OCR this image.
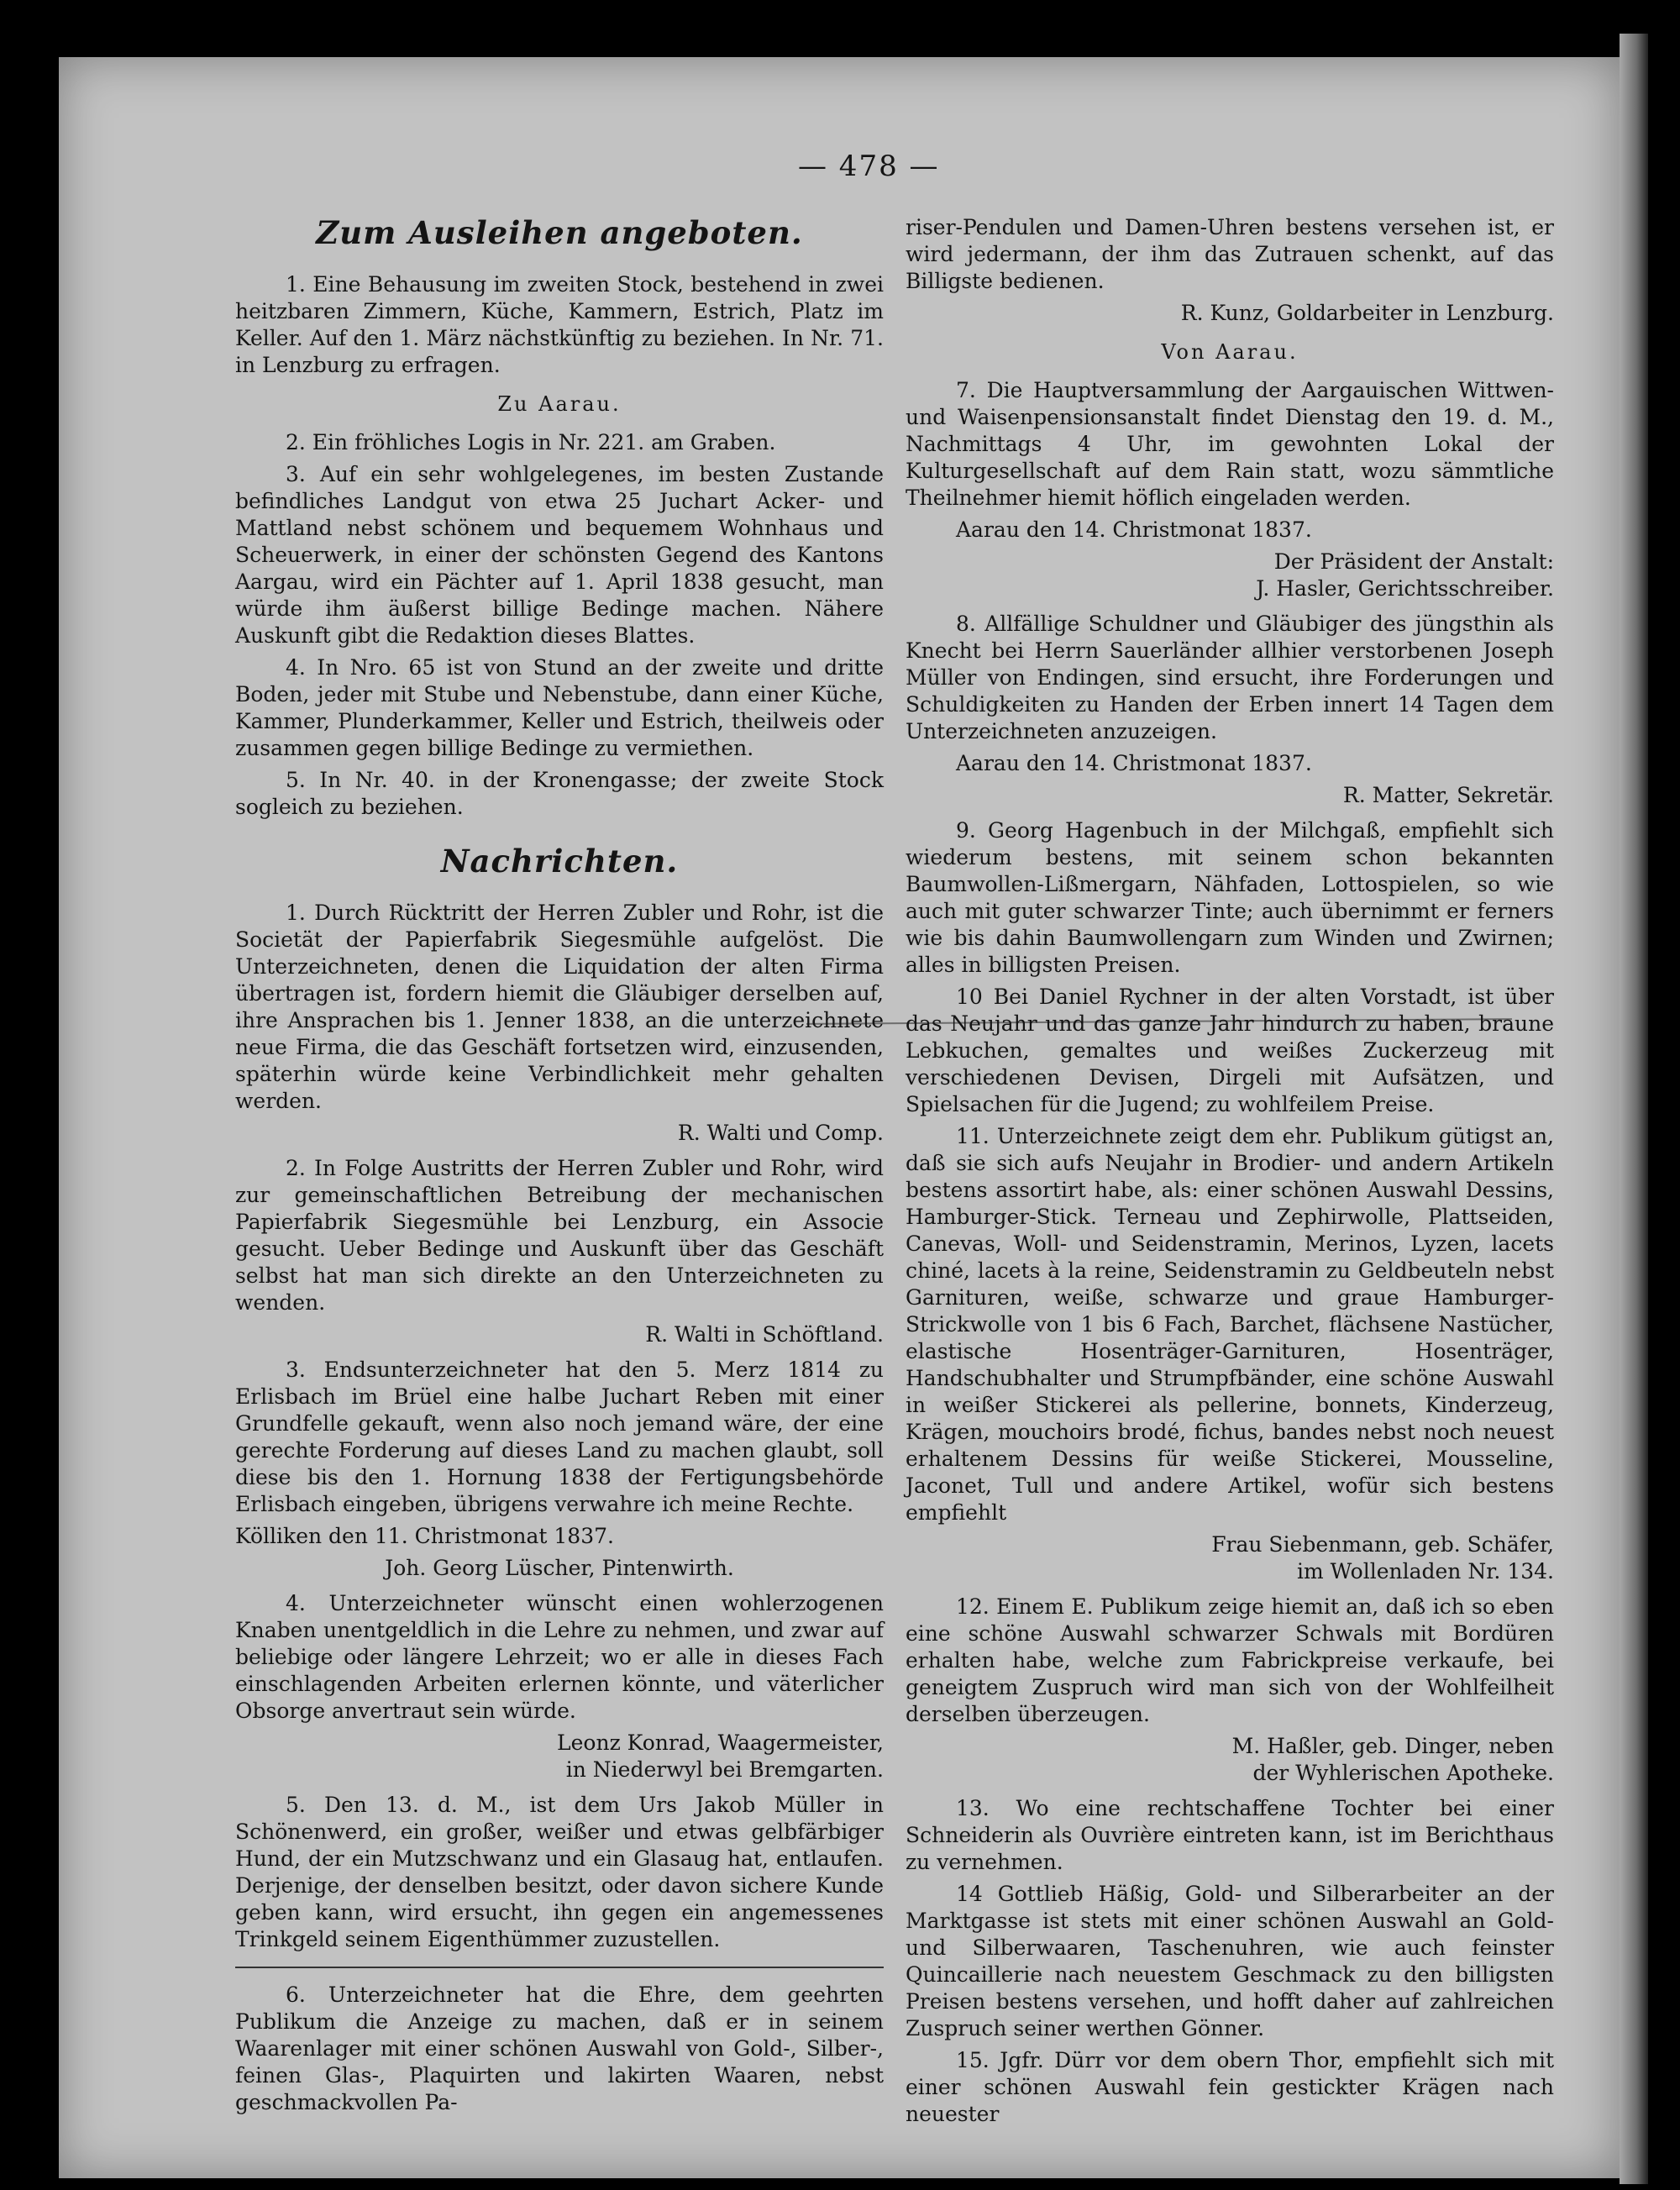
— 478 —
Zum Ausleihen angeboten.

1. Eine Behausung im zweiten Stock, bestehend in zwei heitzbaren Zimmern, Küche, Kammern, Estrich, Platz im Keller. Auf den 1. März nächstkünftig zu beziehen. In Nr. 71. in Lenzburg zu erfragen.

Zu Aarau.

2. Ein fröhliches Logis in Nr. 221. am Graben.

3. Auf ein sehr wohlgelegenes, im besten Zustande befindliches Landgut von etwa 25 Juchart Acker- und Mattland nebst schönem und bequemem Wohnhaus und Scheuerwerk, in einer der schönsten Gegend des Kantons Aargau, wird ein Pächter auf 1. April 1838 gesucht, man würde ihm äußerst billige Bedinge machen. Nähere Auskunft gibt die Redaktion dieses Blattes.

4. In Nro. 65 ist von Stund an der zweite und dritte Boden, jeder mit Stube und Nebenstube, dann einer Küche, Kammer, Plunderkammer, Keller und Estrich, theilweis oder zusammen gegen billige Bedinge zu vermiethen.

5. In Nr. 40. in der Kronengasse; der zweite Stock sogleich zu beziehen.

Nachrichten.

1. Durch Rücktritt der Herren Zubler und Rohr, ist die Societät der Papierfabrik Siegesmühle aufgelöst. Die Unterzeichneten, denen die Liquidation der alten Firma übertragen ist, fordern hiemit die Gläubiger derselben auf, ihre Ansprachen bis 1. Jenner 1838, an die unterzeichnete neue Firma, die das Geschäft fortsetzen wird, einzusenden, späterhin würde keine Verbindlichkeit mehr gehalten werden.

R. Walti und Comp.

2. In Folge Austritts der Herren Zubler und Rohr, wird zur gemeinschaftlichen Betreibung der mechanischen Papierfabrik Siegesmühle bei Lenzburg, ein Associe gesucht. Ueber Bedinge und Auskunft über das Geschäft selbst hat man sich direkte an den Unterzeichneten zu wenden.

R. Walti in Schöftland.

3. Endsunterzeichneter hat den 5. Merz 1814 zu Erlisbach im Brüel eine halbe Juchart Reben mit einer Grundfelle gekauft, wenn also noch jemand wäre, der eine gerechte Forderung auf dieses Land zu machen glaubt, soll diese bis den 1. Hornung 1838 der Fertigungsbehörde Erlisbach eingeben, übrigens verwahre ich meine Rechte.

Kölliken den 11. Christmonat 1837.

Joh. Georg Lüscher, Pintenwirth.

4. Unterzeichneter wünscht einen wohlerzogenen Knaben unentgeldlich in die Lehre zu nehmen, und zwar auf beliebige oder längere Lehrzeit; wo er alle in dieses Fach einschlagenden Arbeiten erlernen könnte, und väterlicher Obsorge anvertraut sein würde.

Leonz Konrad, Waagermeister,
in Niederwyl bei Bremgarten.

5. Den 13. d. M., ist dem Urs Jakob Müller in Schönenwerd, ein großer, weißer und etwas gelbfärbiger Hund, der ein Mutzschwanz und ein Glasaug hat, entlaufen. Derjenige, der denselben besitzt, oder davon sichere Kunde geben kann, wird ersucht, ihn gegen ein angemessenes Trinkgeld seinem Eigenthümmer zuzustellen.

6. Unterzeichneter hat die Ehre, dem geehrten Publikum die Anzeige zu machen, daß er in seinem Waarenlager mit einer schönen Auswahl von Gold-, Silber-, feinen Glas-, Plaquirten und lakirten Waaren, nebst geschmackvollen Pa-

riser-Pendulen und Damen-Uhren bestens versehen ist, er wird jedermann, der ihm das Zutrauen schenkt, auf das Billigste bedienen.

R. Kunz, Goldarbeiter in Lenzburg.
Von Aarau.

7. Die Hauptversammlung der Aargauischen Wittwen- und Waisenpensionsanstalt findet Dienstag den 19. d. M., Nachmittags 4 Uhr, im gewohnten Lokal der Kulturgesellschaft auf dem Rain statt, wozu sämmtliche Theilnehmer hiemit höflich eingeladen werden.

Aarau den 14. Christmonat 1837.

Der Präsident der Anstalt:
J. Hasler, Gerichtsschreiber.

8. Allfällige Schuldner und Gläubiger des jüngsthin als Knecht bei Herrn Sauerländer allhier verstorbenen Joseph Müller von Endingen, sind ersucht, ihre Forderungen und Schuldigkeiten zu Handen der Erben innert 14 Tagen dem Unterzeichneten anzuzeigen.

Aarau den 14. Christmonat 1837.

R. Matter, Sekretär.

9. Georg Hagenbuch in der Milchgaß, empfiehlt sich wiederum bestens, mit seinem schon bekannten Baumwollen-Lißmergarn, Nähfaden, Lottospielen, so wie auch mit guter schwarzer Tinte; auch übernimmt er ferners wie bis dahin Baumwollengarn zum Winden und Zwirnen; alles in billigsten Preisen.

10 Bei Daniel Rychner in der alten Vorstadt, ist über das Neujahr und das ganze Jahr hindurch zu haben, braune Lebkuchen, gemaltes und weißes Zuckerzeug mit verschiedenen Devisen, Dirgeli mit Aufsätzen, und Spielsachen für die Jugend; zu wohlfeilem Preise.

11. Unterzeichnete zeigt dem ehr. Publikum gütigst an, daß sie sich aufs Neujahr in Brodier- und andern Artikeln bestens assortirt habe, als: einer schönen Auswahl Dessins, Hamburger-Stick. Terneau und Zephirwolle, Plattseiden, Canevas, Woll- und Seidenstramin, Merinos, Lyzen, lacets chiné, lacets à la reine, Seidenstramin zu Geldbeuteln nebst Garnituren, weiße, schwarze und graue Hamburger-Strickwolle von 1 bis 6 Fach, Barchet, flächsene Nastücher, elastische Hosenträger-Garnituren, Hosenträger, Handschubhalter und Strumpfbänder, eine schöne Auswahl in weißer Stickerei als pellerine, bonnets, Kinderzeug, Krägen, mouchoirs brodé, fichus, bandes nebst noch neuest erhaltenem Dessins für weiße Stickerei, Mousseline, Jaconet, Tull und andere Artikel, wofür sich bestens empfiehlt

Frau Siebenmann, geb. Schäfer,
im Wollenladen Nr. 134.

12. Einem E. Publikum zeige hiemit an, daß ich so eben eine schöne Auswahl schwarzer Schwals mit Bordüren erhalten habe, welche zum Fabrickpreise verkaufe, bei geneigtem Zuspruch wird man sich von der Wohlfeilheit derselben überzeugen.

M. Haßler, geb. Dinger, neben
der Wyhlerischen Apotheke.

13. Wo eine rechtschaffene Tochter bei einer Schneiderin als Ouvrière eintreten kann, ist im Berichthaus zu vernehmen.

14 Gottlieb Häßig, Gold- und Silberarbeiter an der Marktgasse ist stets mit einer schönen Auswahl an Gold- und Silberwaaren, Taschenuhren, wie auch feinster Quincaillerie nach neuestem Geschmack zu den billigsten Preisen bestens versehen, und hofft daher auf zahlreichen Zuspruch seiner werthen Gönner.

15. Jgfr. Dürr vor dem obern Thor, empfiehlt sich mit einer schönen Auswahl fein gestickter Krägen nach neuester
